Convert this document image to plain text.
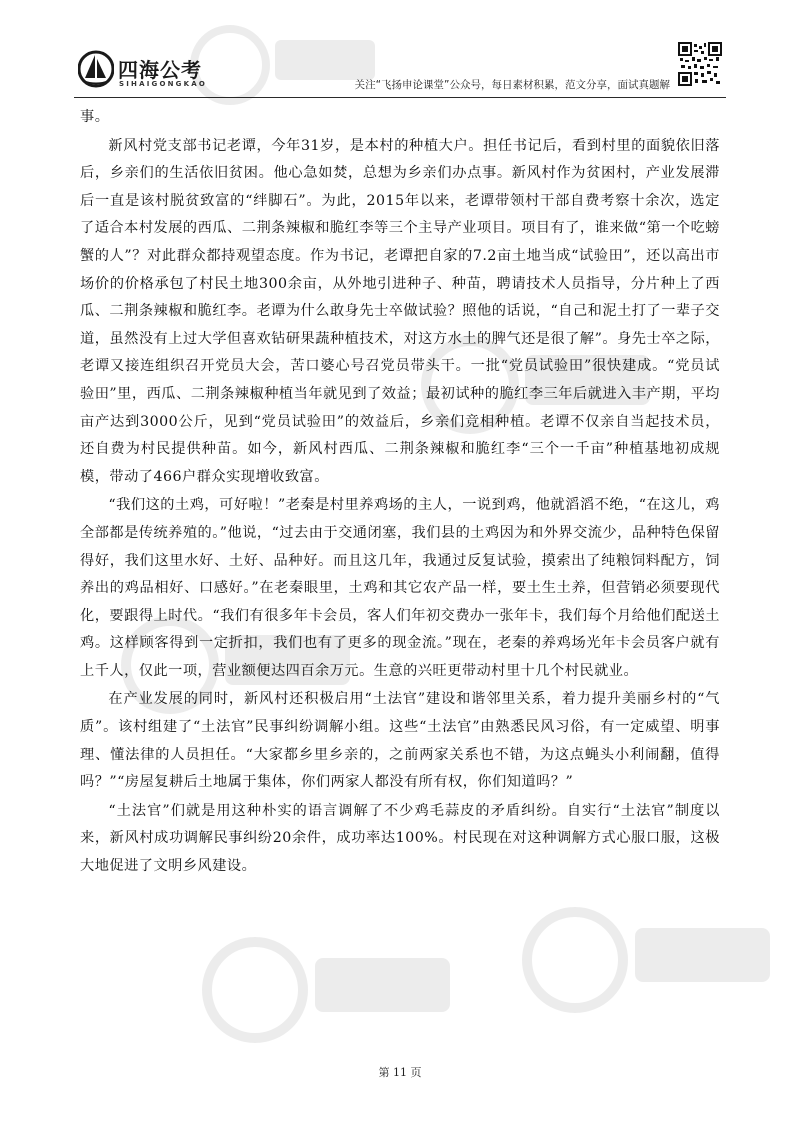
四海公考
SIHAIGONGKAO	关注“飞扬申论课堂”公众号，每日素材积累，范文分享，面试真题解

事。

新风村党支部书记老谭，今年31岁，是本村的种植大户。担任书记后，看到村里的面貌依旧落后，乡亲们的生活依旧贫困。他心急如焚，总想为乡亲们办点事。新风村作为贫困村，产业发展滞后一直是该村脱贫致富的“绊脚石”。为此，2015年以来，老谭带领村干部自费考察十余次，选定了适合本村发展的西瓜、二荆条辣椒和脆红李等三个主导产业项目。项目有了，谁来做“第一个吃螃蟹的人”？对此群众都持观望态度。作为书记，老谭把自家的7.2亩土地当成“试验田”，还以高出市场价的价格承包了村民土地300余亩，从外地引进种子、种苗，聘请技术人员指导，分片种上了西瓜、二荆条辣椒和脆红李。老谭为什么敢身先士卒做试验？照他的话说，“自己和泥土打了一辈子交道，虽然没有上过大学但喜欢钻研果蔬种植技术，对这方水土的脾气还是很了解”。身先士卒之际，老谭又接连组织召开党员大会，苦口婆心号召党员带头干。一批“党员试验田”很快建成。“党员试验田”里，西瓜、二荆条辣椒种植当年就见到了效益；最初试种的脆红李三年后就进入丰产期，平均亩产达到3000公斤，见到“党员试验田”的效益后，乡亲们竞相种植。老谭不仅亲自当起技术员，还自费为村民提供种苗。如今，新风村西瓜、二荆条辣椒和脆红李“三个一千亩”种植基地初成规模，带动了466户群众实现增收致富。

“我们这的土鸡，可好啦！”老秦是村里养鸡场的主人，一说到鸡，他就滔滔不绝，“在这儿，鸡全部都是传统养殖的。”他说，“过去由于交通闭塞，我们县的土鸡因为和外界交流少，品种特色保留得好，我们这里水好、土好、品种好。而且这几年，我通过反复试验，摸索出了纯粮饲料配方，饲养出的鸡品相好、口感好。”在老秦眼里，土鸡和其它农产品一样，要土生土养，但营销必须要现代化，要跟得上时代。“我们有很多年卡会员，客人们年初交费办一张年卡，我们每个月给他们配送土鸡。这样顾客得到一定折扣，我们也有了更多的现金流。”现在，老秦的养鸡场光年卡会员客户就有上千人，仅此一项，营业额便达四百余万元。生意的兴旺更带动村里十几个村民就业。

在产业发展的同时，新风村还积极启用“土法官”建设和谐邻里关系，着力提升美丽乡村的“气质”。该村组建了“土法官”民事纠纷调解小组。这些“土法官”由熟悉民风习俗，有一定威望、明事理、懂法律的人员担任。“大家都乡里乡亲的，之前两家关系也不错，为这点蝇头小利闹翻，值得吗？”“房屋复耕后土地属于集体，你们两家人都没有所有权，你们知道吗？”

“土法官”们就是用这种朴实的语言调解了不少鸡毛蒜皮的矛盾纠纷。自实行“土法官”制度以来，新风村成功调解民事纠纷20余件，成功率达100%。村民现在对这种调解方式心服口服，这极大地促进了文明乡风建设。

第 11 页
